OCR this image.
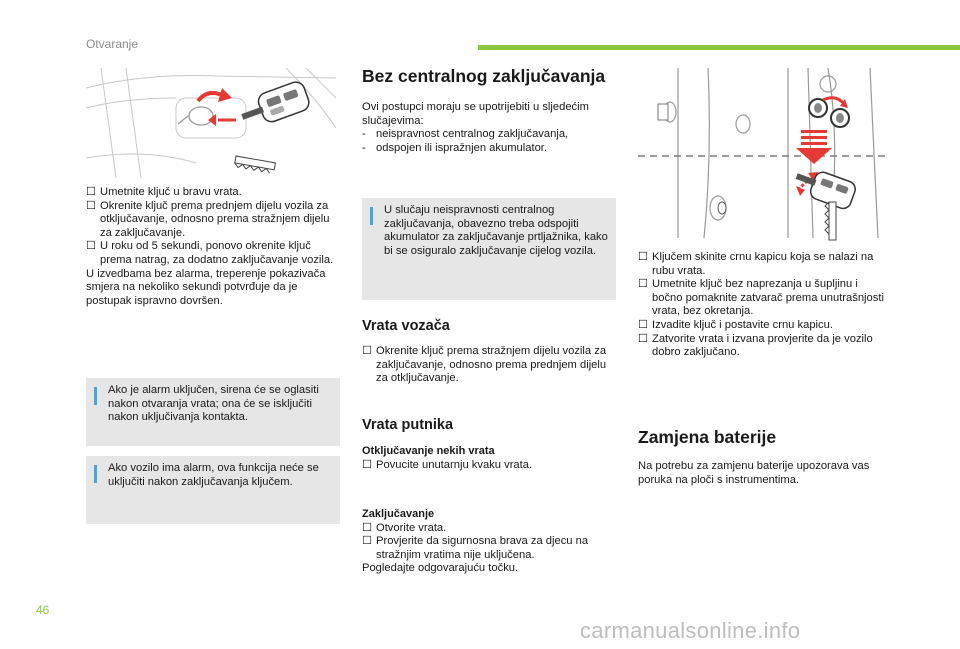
Otvaranje
☐ Umetnite ključ u bravu vrata.
☐ Okrenite ključ prema prednjem dijelu vozila za otključavanje, odnosno prema stražnjem dijelu za zaključavanje.
☐ U roku od 5 sekundi, ponovo okrenite ključ prema natrag, za dodatno zaključavanje vozila.
U izvedbama bez alarma, treperenje pokazivača smjera na nekoliko sekundi potvrđuje da je postupak ispravno dovršen.
Ako je alarm uključen, sirena će se oglasiti nakon otvaranja vrata; ona će se isključiti nakon uključivanja kontakta.
Ako vozilo ima alarm, ova funkcija neće se uključiti nakon zaključavanja ključem.
Bez centralnog zaključavanja
Ovi postupci moraju se upotrijebiti u sljedećim slučajevima:
- neispravnost centralnog zaključavanja,
- odspojen ili ispražnjen akumulator.
U slučaju neispravnosti centralnog zaključavanja, obavezno treba odspojiti akumulator za zaključavanje prtljažnika, kako bi se osiguralo zaključavanje cijelog vozila.
Vrata vozača
☐ Okrenite ključ prema stražnjem dijelu vozila za zaključavanje, odnosno prema prednjem dijelu za otključavanje.
Vrata putnika
Otključavanje nekih vrata
☐ Povucite unutarnju kvaku vrata.
Zaključavanje
☐ Otvorite vrata.
☐ Provjerite da sigurnosna brava za djecu na stražnjim vratima nije uključena.
Pogledajte odgovarajuću točku.
☐ Ključem skinite crnu kapicu koja se nalazi na rubu vrata.
☐ Umetnite ključ bez naprezanja u šupljinu i bočno pomaknite zatvarač prema unutrašnjosti vrata, bez okretanja.
☐ Izvadite ključ i postavite crnu kapicu.
☐ Zatvorite vrata i izvana provjerite da je vozilo dobro zaključano.
Zamjena baterije
Na potrebu za zamjenu baterije upozorava vas poruka na ploči s instrumentima.
46
carmanualsonline.info
